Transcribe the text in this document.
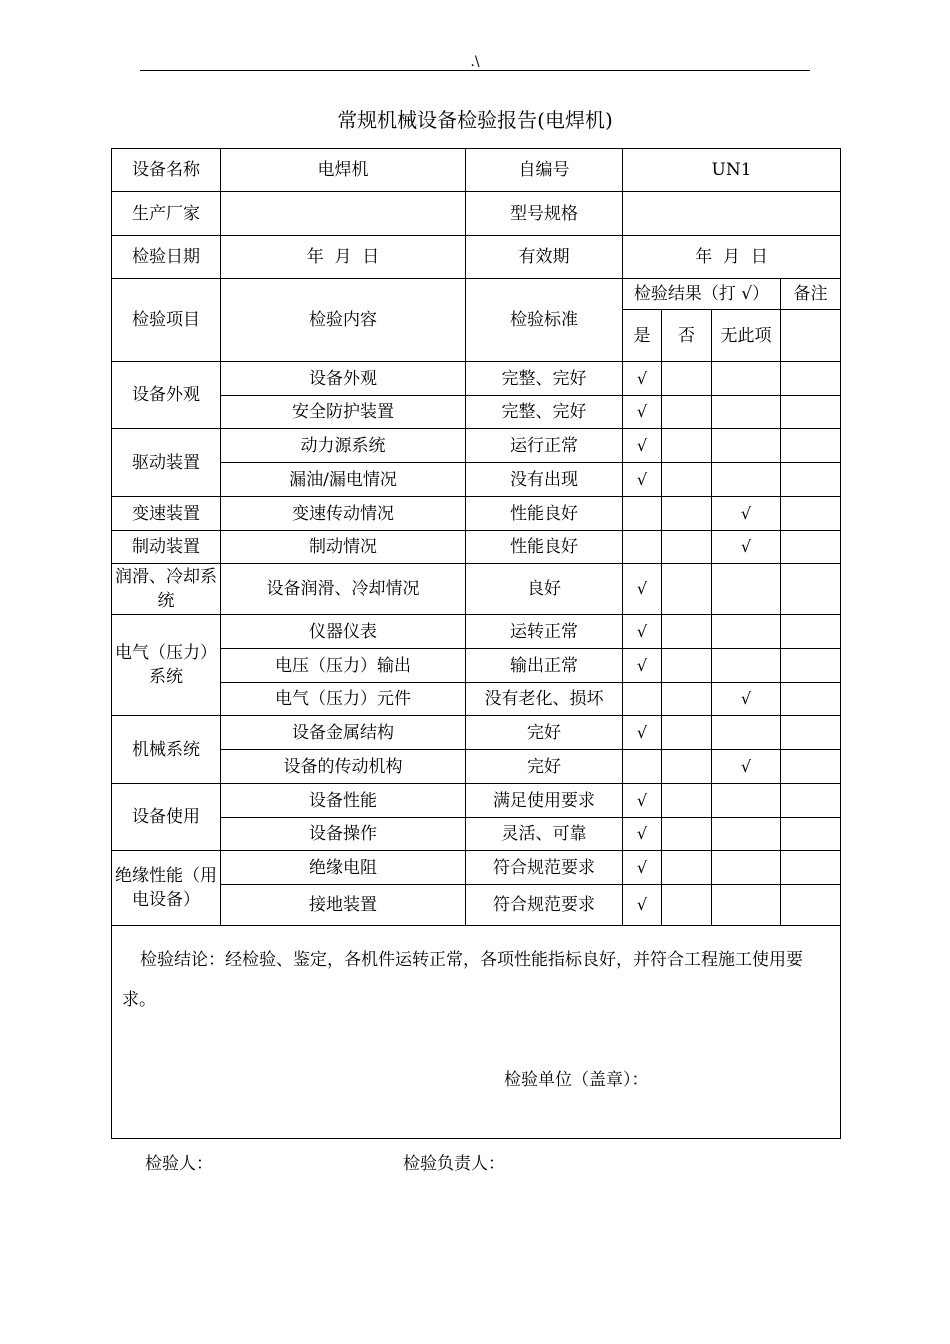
.\
常规机械设备检验报告(电焊机)
设备名称	电焊机	自编号	UN1			
生产厂家		型号规格				
检验日期	年  月  日	有效期	年  月  日			
检验项目	检验内容	检验标准	检验结果（打 √）			备注
			是	否	无此项	
设备外观	设备外观	完整、完好	√			
	安全防护装置	完整、完好	√			
驱动装置	动力源系统	运行正常	√			
	漏油/漏电情况	没有出现	√			
变速装置	变速传动情况	性能良好			√	
制动装置	制动情况	性能良好			√	
润滑、冷却系统	设备润滑、冷却情况	良好	√			
电气（压力）系统	仪器仪表	运转正常	√			
	电压（压力）输出	输出正常	√			
	电气（压力）元件	没有老化、损坏			√	
机械系统	设备金属结构	完好	√			
	设备的传动机构	完好			√	
设备使用	设备性能	满足使用要求	√			
	设备操作	灵活、可靠	√			
绝缘性能（用电设备）	绝缘电阻	符合规范要求	√			
	接地装置	符合规范要求	√			

检验结论：经检验、鉴定，各机件运转正常，各项性能指标良好，并符合工程施工使用要求。
检验单位（盖章）：						
检验人：	检验负责人：
